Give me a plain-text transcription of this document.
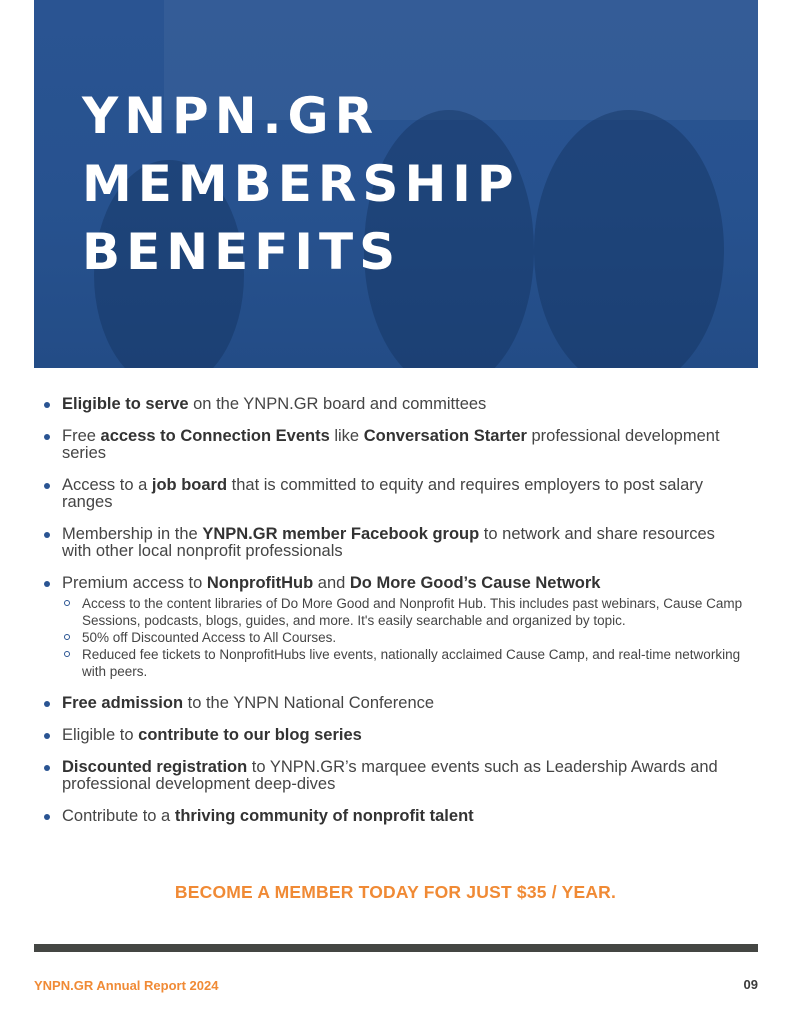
YNPN.GR
MEMBERSHIP
BENEFITS
Eligible to serve on the YNPN.GR board and committees
Free access to Connection Events like Conversation Starter professional development series
Access to a job board that is committed to equity and requires employers to post salary ranges
Membership in the YNPN.GR member Facebook group to network and share resources with other local nonprofit professionals
Premium access to NonprofitHub and Do More Good’s Cause Network
Access to the content libraries of Do More Good and Nonprofit Hub. This includes past webinars, Cause Camp Sessions, podcasts, blogs, guides, and more. It's easily searchable and organized by topic.
50% off Discounted Access to All Courses.
Reduced fee tickets to NonprofitHubs live events, nationally acclaimed Cause Camp, and real-time networking with peers.
Free admission to the YNPN National Conference
Eligible to contribute to our blog series
Discounted registration to YNPN.GR’s marquee events such as Leadership Awards and professional development deep-dives
Contribute to a thriving community of nonprofit talent
BECOME A MEMBER TODAY FOR JUST $35 / YEAR.
YNPN.GR Annual Report 2024	09
